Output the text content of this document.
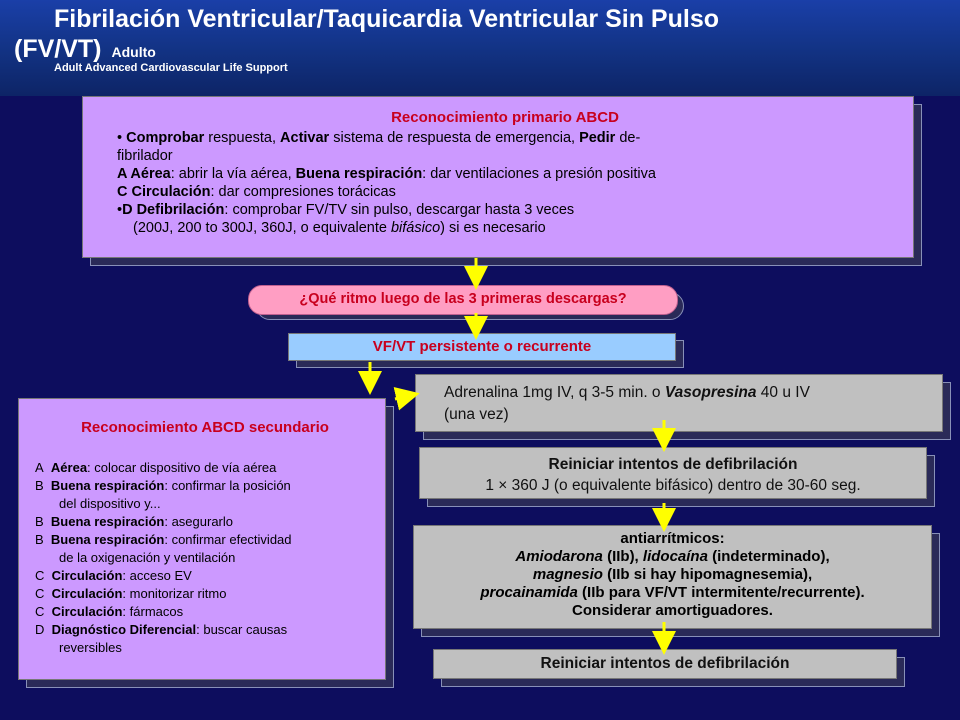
Fibrilación Ventricular/Taquicardia Ventricular Sin Pulso
(FV/VT) Adulto
Adult Advanced Cardiovascular Life Support
Reconocimiento primario ABCD
• Comprobar respuesta, Activar sistema de respuesta de emergencia, Pedir de-
fibrilador
A Aérea: abrir la vía aérea, Buena respiración: dar ventilaciones a presión positiva
C Circulación: dar compresiones torácicas
•D Defibrilación: comprobar FV/TV sin pulso, descargar hasta 3 veces
(200J, 200 to 300J, 360J, o equivalente bifásico) si es necesario
¿Qué ritmo luego de las 3 primeras descargas?
VF/VT persistente o recurrente
Adrenalina 1mg IV, q 3-5 min. o Vasopresina 40 u IV
(una vez)
Reiniciar intentos de defibrilación
1 × 360 J (o equivalente bifásico) dentro de 30-60 seg.
antiarrítmicos:
Amiodarona (IIb), lidocaína (indeterminado),
magnesio (IIb si hay hipomagnesemia),
procainamida (IIb para VF/VT intermitente/recurrente).
Considerar amortiguadores.
Reiniciar intentos de defibrilación
Reconocimiento ABCD secundario
A Aérea: colocar dispositivo de vía aérea
B Buena respiración: confirmar la posición
del dispositivo y...
B Buena respiración: asegurarlo
B Buena respiración: confirmar efectividad
de la oxigenación y ventilación
C Circulación: acceso EV
C Circulación: monitorizar ritmo
C Circulación: fármacos
D Diagnóstico Diferencial: buscar causas
reversibles
